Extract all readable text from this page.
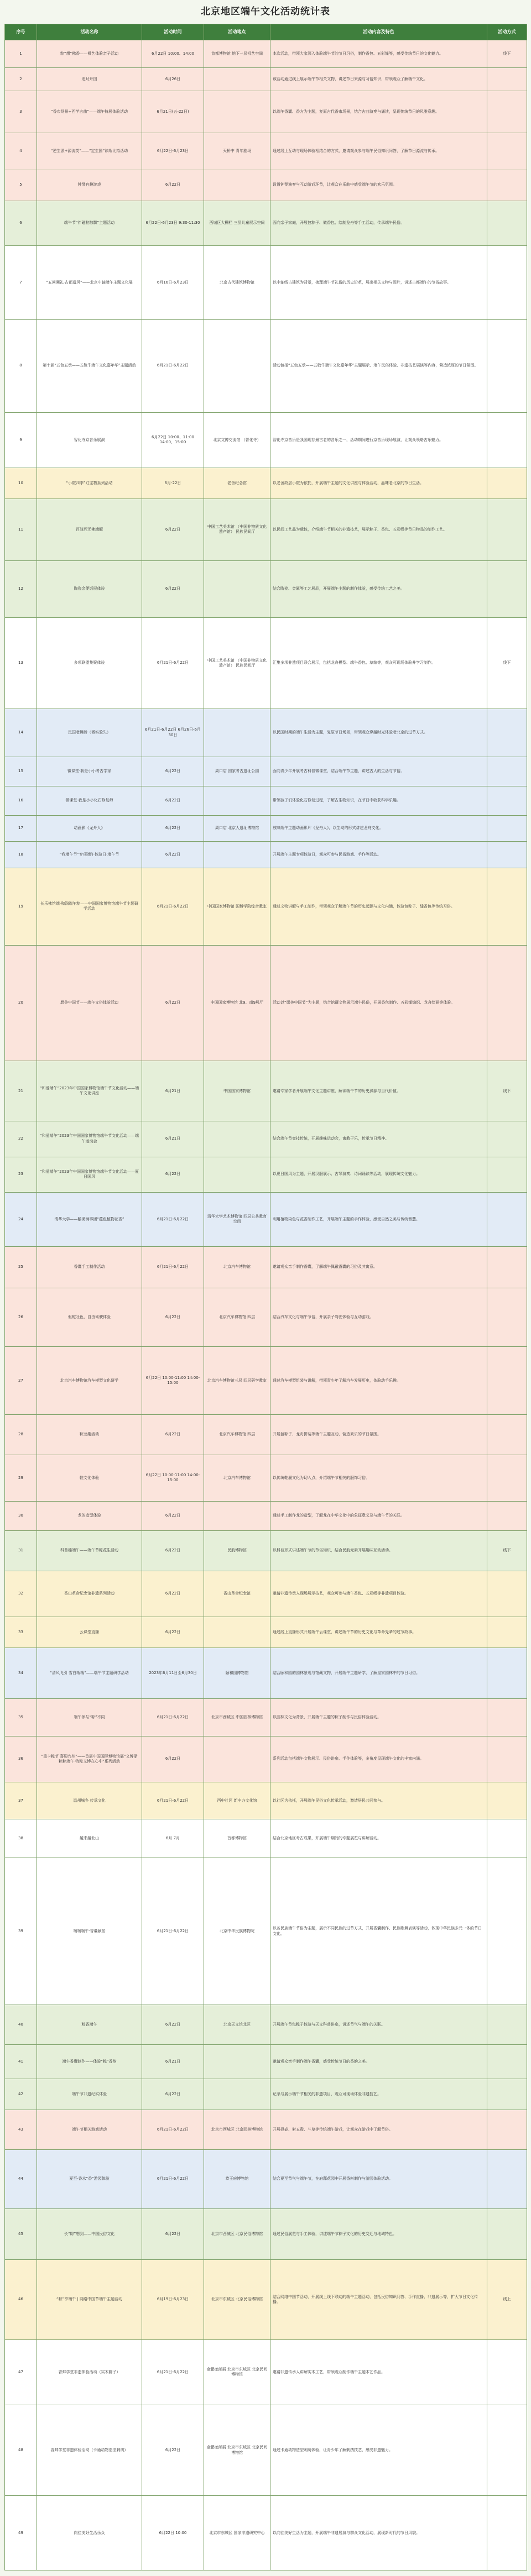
北京地区端午文化活动统计表
序号	活动名称	活动时间	活动地点	活动内容及特色	活动方式
1	粽“想”佛香——机艺体验亲子活动	6月22日 10:00、14:00	首都博物馆 地下一层机艺空间	本次活动，带领大家深入体验端午节的节日习俗，制作香包、五彩绳等，感受传统节日的文化魅力。	线下
2	追时开国	6月26日		该活动通过线上展示端午节相关文物，讲述节日来源与习俗知识，带领观众了解端午文化。	
3	“香市场景+西学古曲”——端午特展体验活动	6月21日(五-22日)		以端午香囊、香方为主题，复原古代香市场景，结合古曲演奏与诵读，呈现传统节日的风雅意趣。	
4	“逆生派+源流类”——“定生国”读端比拟活动	6月22日-6月23日	天桥中 青年剧场	通过线上互动与现场体验相结合的方式，邀请观众参与端午民俗知识问答，了解节日源流与传承。	
5	钟琴有趣游戏	6月22日		设置钟琴演奏与互动游戏环节，让观众在乐曲中感受端午节的欢乐氛围。	
6	端午节“伴磁粒粽飘”主题活动	6月22日-6月23日 9:30-11:30	西城区大栅栏 三层儿童展示空间	面向亲子家庭，开展包粽子、做香包、绘制龙舟等手工活动，传承端午民俗。	
7	“五问溯礼·古都遗风”——北京中轴端午主题文化展	6月16日-6月23日	北京古代建筑博物馆	以中轴线古建筑为背景，梳理端午节礼俗的历史沿革，展出相关文物与图片，讲述古都端午的节俗故事。	
8	第十届“五色五承——五敬牛端午文化嘉年华”主题活动	6月21日-6月22日		活动包括“五色五承——五敬牛端午文化嘉年华”主题展示、端午民俗体验、非遗技艺展演等内容，营造浓厚的节日氛围。	
9	智化寺京音乐展演	6月22日 10:00、11:00 14:00、15:00	北京文博交流馆 （智化寺）	智化寺京音乐是我国现存最古老的音乐之一，活动期间进行京音乐现场展演，让观众领略古乐魅力。	
10	“小院四季”红宝物系列活动	6月-22日	老舍纪念馆	以老舍故居小院为依托，开展端午主题的文化讲座与体验活动，品味老北京的节日生活。	
11	百战死无佛端解	6月22日	中国工艺美术馆 （中国非物质文化遗产馆） 民族民间厅	以民间工艺品为载体，介绍端午节相关的非遗技艺，展示粽子、香包、五彩绳等节日物品的制作工艺。	
12	陶瓷金便饭展体验	6月22日		结合陶瓷、金属等工艺展品，开展端午主题的制作体验，感受传统工艺之美。	
13	多项联盟集聚体验	6月21日-6月22日	中国工艺美术馆 （中国非物质文化遗产馆） 民族民间厅	汇集多项非遗项目联合展示，包括龙舟模型、端午香包、草编等，观众可现场体验并学习制作。	线下
14	民国老舞龄（微实验失）	6月21日-6月22日 6月26日-6月30日		以民国时期的端午生活为主题，复原节日场景，带领观众穿越时光体验老北京的过节方式。	
15	微课堂·我是小小考古学家	6月22日	周口店 国家考古遗址公园	面向青少年开展考古科普微课堂，结合端午节主题，讲述古人的生活与节俗。	
16	微课堂·我是小小化石修复师	6月22日		带领孩子们体验化石修复过程，了解古生物知识，在节日中收获科学乐趣。	
17	动画影《龙舟人》	6月22日	周口店 北京人遗址博物馆	放映端午主题动画影片《龙舟人》，以生动的形式讲述龙舟文化。	
18	“我端午节”专项端午体验日·端午节	6月22日		开展端午主题专项体验日，观众可参与民俗游戏、手作等活动。	
19	长乐佛馆端·和润端午粽——中国国家博物馆端午节主题研学活动	6月21日-6月22日	中国国家博物馆 国博学院综合教室	通过文物讲解与手工制作，带领观众了解端午节的历史起源与文化内涵，体验包粽子、缝香包等传统习俗。	
20	愿美中国节——端午文俗体验活动	6月22日	中国国家博物馆 北9、南9展厅	活动以“愿美中国节”为主题，结合馆藏文物展示端午民俗，开展香包制作、五彩绳编织、龙舟绘画等体验。	
21	“和爱端午”2023年中国国家博物馆端午节文化活动——端午文化讲座	6月21日	中国国家博物馆	邀请专家学者开展端午文化主题讲座，解读端午节的历史渊源与当代价值。	线下
22	“和爱端午”2023年中国国家博物馆端午节文化活动——端午运动会	6月21日		结合端午节竞技传统，开展趣味运动会，寓教于乐，传承节日精神。	
23	“和爱端午”2023年中国国家博物馆端午节文化活动——夏日国风	6月22日		以夏日国风为主题，开展汉服展示、古琴演奏、诗词诵读等活动，展现传统文化魅力。	
24	清华大学——鹅溪涧事团“蕴色植物花香”	6月21日-6月22日	清华大学艺术博物馆 四层公共教育空间	利用植物染色与花香制作工艺，开展端午主题的手作体验，感受自然之美与传统智慧。	
25	香囊手工制作活动	6月21日-6月22日	北京汽车博物馆	邀请观众亲手制作香囊，了解端午佩戴香囊的习俗及其寓意。	
26	驱蛇吐色，自由驾驶体验	6月22日	北京汽车博物馆 四层	结合汽车文化与端午节俗，开展亲子驾驶体验与互动游戏。	
27	北京汽车博物馆汽车模型文化研学	6月22日 10:00-11:00 14:00-15:00	北京汽车博物馆三层 四层研学教室	通过汽车模型组装与讲解，带领青少年了解汽车发展历史，体验动手乐趣。	
28	粽龙趣活动	6月22日	北京汽车博物馆 四层	开展包粽子、龙舟拼装等端午主题互动，营造欢乐的节日氛围。	
29	鞋文化体验	6月22日 10:00-11:00 14:00-15:00	北京汽车博物馆	以传统鞋履文化为切入点，介绍端午节相关的服饰习俗。	
30	龙的造型体验	6月22日		通过手工制作龙的造型，了解龙在中华文化中的象征意义及与端午节的关联。	
31	科普趣端午——端午节粽花生活动	6月22日	民航博物馆	以科普形式讲述端午节的节俗知识，结合民航元素开展趣味互动活动。	线下
32	香山革命纪念馆非遗系列活动	6月22日	香山革命纪念馆	邀请非遗传承人现场展示技艺，观众可参与端午香包、五彩绳等非遗项目体验。	
33	云课堂直播	6月22日		通过线上直播形式开展端午云课堂，讲述端午节的历史文化与革命先辈的过节故事。	
34	“清风飞引 雪白端端”——端午节主题研学活动	2023年6月11日至6月30日	颐和园博物馆	结合颐和园的园林景观与馆藏文物，开展端午主题研学，了解皇家园林中的节日习俗。	
35	端午参与“粽”不同	6月21日-6月22日	北京市西城区 中国园林博物馆	以园林文化为背景，开展端午主题的粽子制作与民俗体验活动。	
36	“重卡粽节 喜迎九州”——首届中国国际博物馆展“文博浙粽粽端午·特粽文博在心中”系列活动	6月22日		系列活动包括端午文物展示、民俗讲座、手作体验等，多角度呈现端午文化的丰富内涵。	
37	温州城乡 传承文化	6月21日-6月22日	西中社区 新中办文化馆	以社区为依托，开展端午民俗文化传承活动，邀请居民共同参与。	
38	越来越北山	6月 7月	首都博物馆	结合北京地区考古成果，开展端午期间的专题展览与讲解活动。	
39	端端端午·香囊颐居	6月21日-6月22日	北京中华民族博物院	以各民族端午节俗为主题，展示不同民族的过节方式，开展香囊制作、民族歌舞表演等活动，体现中华民族多元一体的节日文化。	
40	粽香端午	6月22日	北京天文馆北区	开展端午节包粽子体验与天文科普讲座，讲述节气与端午的关联。	
41	端午香囊制作——体验“粽”香韵	6月21日		邀请观众亲手制作端午香囊，感受传统节日的香韵之美。	
42	端午节非遗纪实体验	6月22日		记录与展示端午节相关的非遗项目，观众可现场体验非遗技艺。	
43	端午节相关游戏活动	6月21日-6月22日	北京市西城区 北京园林博物馆	开展投壶、射五毒、斗草等传统端午游戏，让观众在游戏中了解节俗。	
44	夏至·香水“香”游园体验	6月21日-6月22日	恭王府博物馆	结合夏至节气与端午节，在府邸花园中开展香料制作与游园体验活动。	
45	长“粽”想到——中国民俗文化	6月22日	北京市西城区 北京民俗博物馆	通过民俗展览与手工体验，讲述端午节粽子文化的历史变迁与地域特色。	
46	“粽”享端午 | 网络中国节端午主题活动	6月19日-6月23日	北京市东城区 北京民俗博物馆	结合网络中国节活动，开展线上线下联动的端午主题活动，包括民俗知识问答、手作直播、非遗展示等，扩大节日文化传播。	线上
47	香蚌学堂非遗体验活动（实木脚子）	6月21日-6月22日	金鹏龙邮展 北京市东城区 北京民间博物馆	邀请非遗传承人讲解实木工艺，带领观众制作端午主题木艺作品。	
48	香蚌学堂非遗体验活动（卡通动物造型刺绣）	6月22日	金鹏龙邮展 北京市东城区 北京民间博物馆	通过卡通动物造型刺绣体验，让青少年了解刺绣技艺，感受非遗魅力。	
49	向往美好生活乐众	6月22日 10:00	北京市东城区 国家非遗研究中心	以向往美好生活为主题，开展端午非遗展演与群众文化活动，展现新时代的节日风貌。	
